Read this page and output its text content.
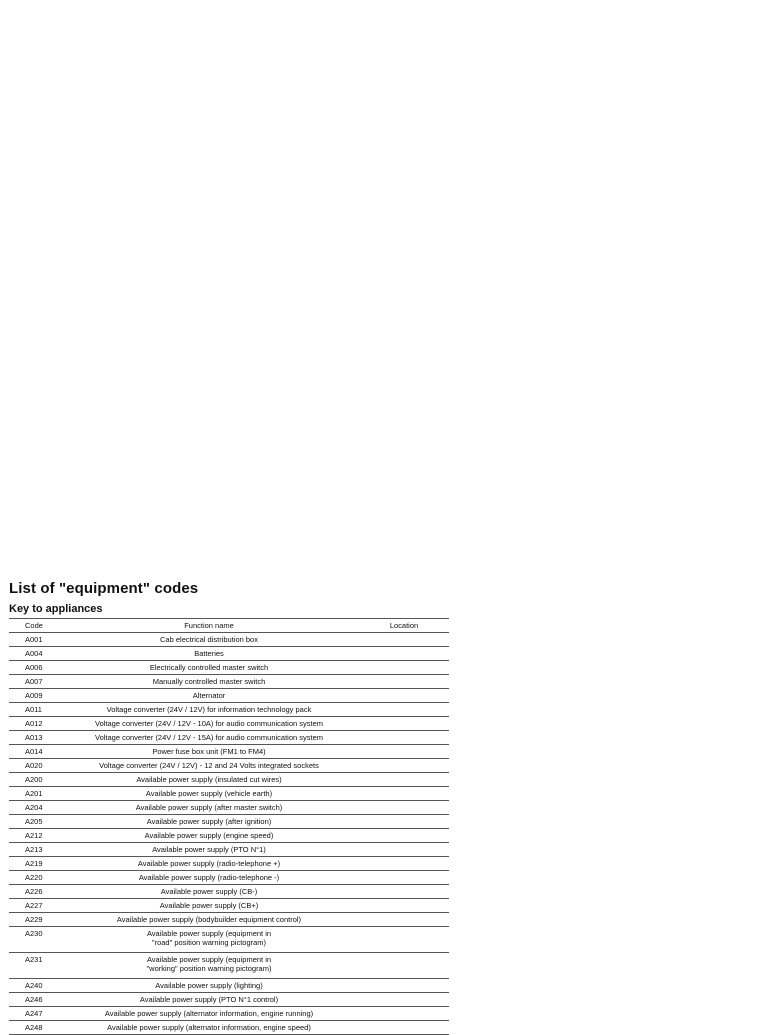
List of "equipment" codes
Key to appliances
Code	Function name	Location
A001	Cab electrical distribution box	
A004	Batteries	
A006	Electrically controlled master switch	
A007	Manually controlled master switch	
A009	Alternator	
A011	Voltage converter (24V / 12V) for information technology pack	
A012	Voltage converter (24V / 12V - 10A) for audio communication system	
A013	Voltage converter (24V / 12V - 15A) for audio communication system	
A014	Power fuse box unit (FM1 to FM4)	
A020	Voltage converter (24V / 12V) - 12 and 24 Volts integrated sockets	
A200	Available power supply (insulated cut wires)	
A201	Available power supply (vehicle earth)	
A204	Available power supply (after master switch)	
A205	Available power supply (after ignition)	
A212	Available power supply (engine speed)	
A213	Available power supply (PTO N°1)	
A219	Available power supply (radio-telephone +)	
A220	Available power supply (radio-telephone -)	
A226	Available power supply (CB-)	
A227	Available power supply (CB+)	
A229	Available power supply (bodybuilder equipment control)	
A230	Available power supply (equipment in
"road" position warning pictogram)	
A231	Available power supply (equipment in
"working" position warning pictogram)	
A240	Available power supply (lighting)	
A246	Available power supply (PTO N°1 control)	
A247	Available power supply (alternator information, engine running)	
A248	Available power supply (alternator information, engine speed)	
